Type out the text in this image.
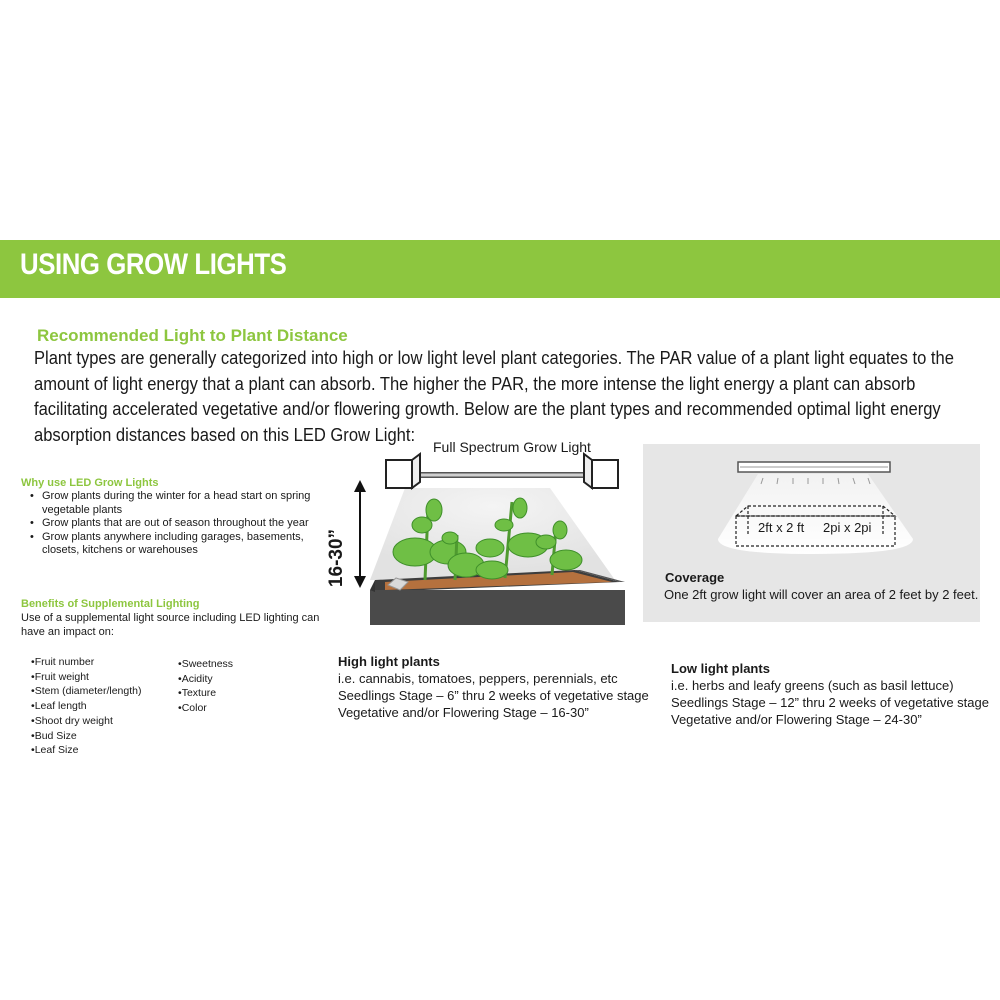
USING GROW LIGHTS
Recommended Light to Plant Distance
Plant types are generally categorized into high or low light level plant categories. The PAR value of a plant light equates to the amount of light energy that a plant can absorb. The higher the PAR, the more intense the light energy a plant can absorb facilitating accelerated vegetative and/or flowering growth. Below are the plant types and recommended optimal light energy absorption distances based on this LED Grow Light:
Why use LED Grow Lights
• Grow plants during the winter for a head start on spring vegetable plants
• Grow plants that are out of season throughout the year
• Grow plants anywhere including garages, basements, closets, kitchens or warehouses
Benefits of Supplemental Lighting
Use of a supplemental light source including LED lighting can have an impact on:
• Fruit number
• Fruit weight
• Stem (diameter/length)
• Leaf length
• Shoot dry weight
• Bud Size
• Leaf Size
• Sweetness
• Acidity
• Texture
• Color
Full Spectrum Grow Light
16-30”
2ft x 2 ft 2pi x 2pi
Coverage
One 2ft grow light will cover an area of 2 feet by 2 feet.
High light plants
i.e. cannabis, tomatoes, peppers, perennials, etc
Seedlings Stage – 6” thru 2 weeks of vegetative stage
Vegetative and/or Flowering Stage – 16-30”
Low light plants
i.e. herbs and leafy greens (such as basil lettuce)
Seedlings Stage – 12” thru 2 weeks of vegetative stage
Vegetative and/or Flowering Stage – 24-30”
